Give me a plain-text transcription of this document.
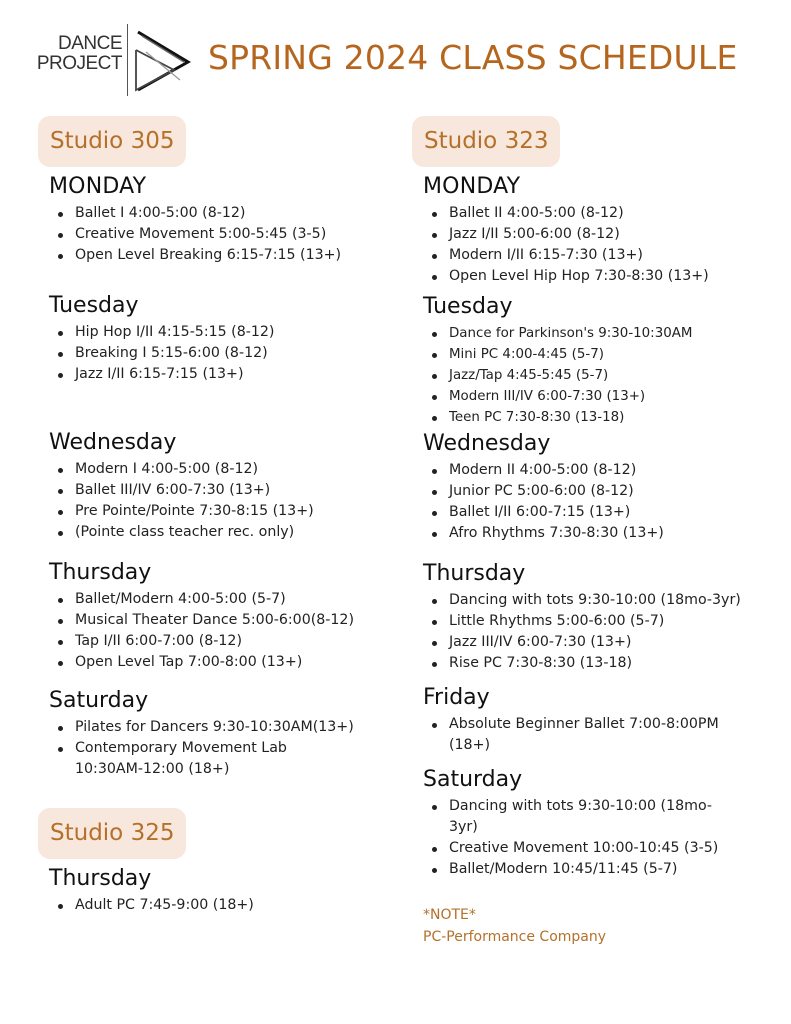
DANCE
PROJECT	SPRING 2024 CLASS SCHEDULE
Studio 305
MONDAY
Ballet I 4:00-5:00 (8-12)
Creative Movement 5:00-5:45 (3-5)
Open Level Breaking 6:15-7:15 (13+)
Tuesday
Hip Hop I/II 4:15-5:15 (8-12)
Breaking I 5:15-6:00 (8-12)
Jazz I/II 6:15-7:15 (13+)
Wednesday
Modern I 4:00-5:00 (8-12)
Ballet III/IV 6:00-7:30 (13+)
Pre Pointe/Pointe 7:30-8:15 (13+)
(Pointe class teacher rec. only)
Thursday
Ballet/Modern 4:00-5:00 (5-7)
Musical Theater Dance 5:00-6:00(8-12)
Tap I/II 6:00-7:00 (8-12)
Open Level Tap 7:00-8:00 (13+)
Saturday
Pilates for Dancers 9:30-10:30AM(13+)
Contemporary Movement Lab 10:30AM-12:00 (18+)
Studio 325
Thursday
Adult PC 7:45-9:00 (18+)
Studio 323
MONDAY
Ballet II 4:00-5:00 (8-12)
Jazz I/II 5:00-6:00 (8-12)
Modern I/II 6:15-7:30 (13+)
Open Level Hip Hop 7:30-8:30 (13+)
Tuesday
Dance for Parkinson's 9:30-10:30AM
Mini PC 4:00-4:45 (5-7)
Jazz/Tap 4:45-5:45 (5-7)
Modern III/IV 6:00-7:30 (13+)
Teen PC 7:30-8:30 (13-18)
Wednesday
Modern II 4:00-5:00 (8-12)
Junior PC 5:00-6:00 (8-12)
Ballet I/II 6:00-7:15 (13+)
Afro Rhythms 7:30-8:30 (13+)
Thursday
Dancing with tots 9:30-10:00 (18mo-3yr)
Little Rhythms 5:00-6:00 (5-7)
Jazz III/IV 6:00-7:30 (13+)
Rise PC 7:30-8:30 (13-18)
Friday
Absolute Beginner Ballet 7:00-8:00PM (18+)
Saturday
Dancing with tots 9:30-10:00 (18mo-3yr)
Creative Movement 10:00-10:45 (3-5)
Ballet/Modern 10:45/11:45 (5-7)
*NOTE*
PC-Performance Company
